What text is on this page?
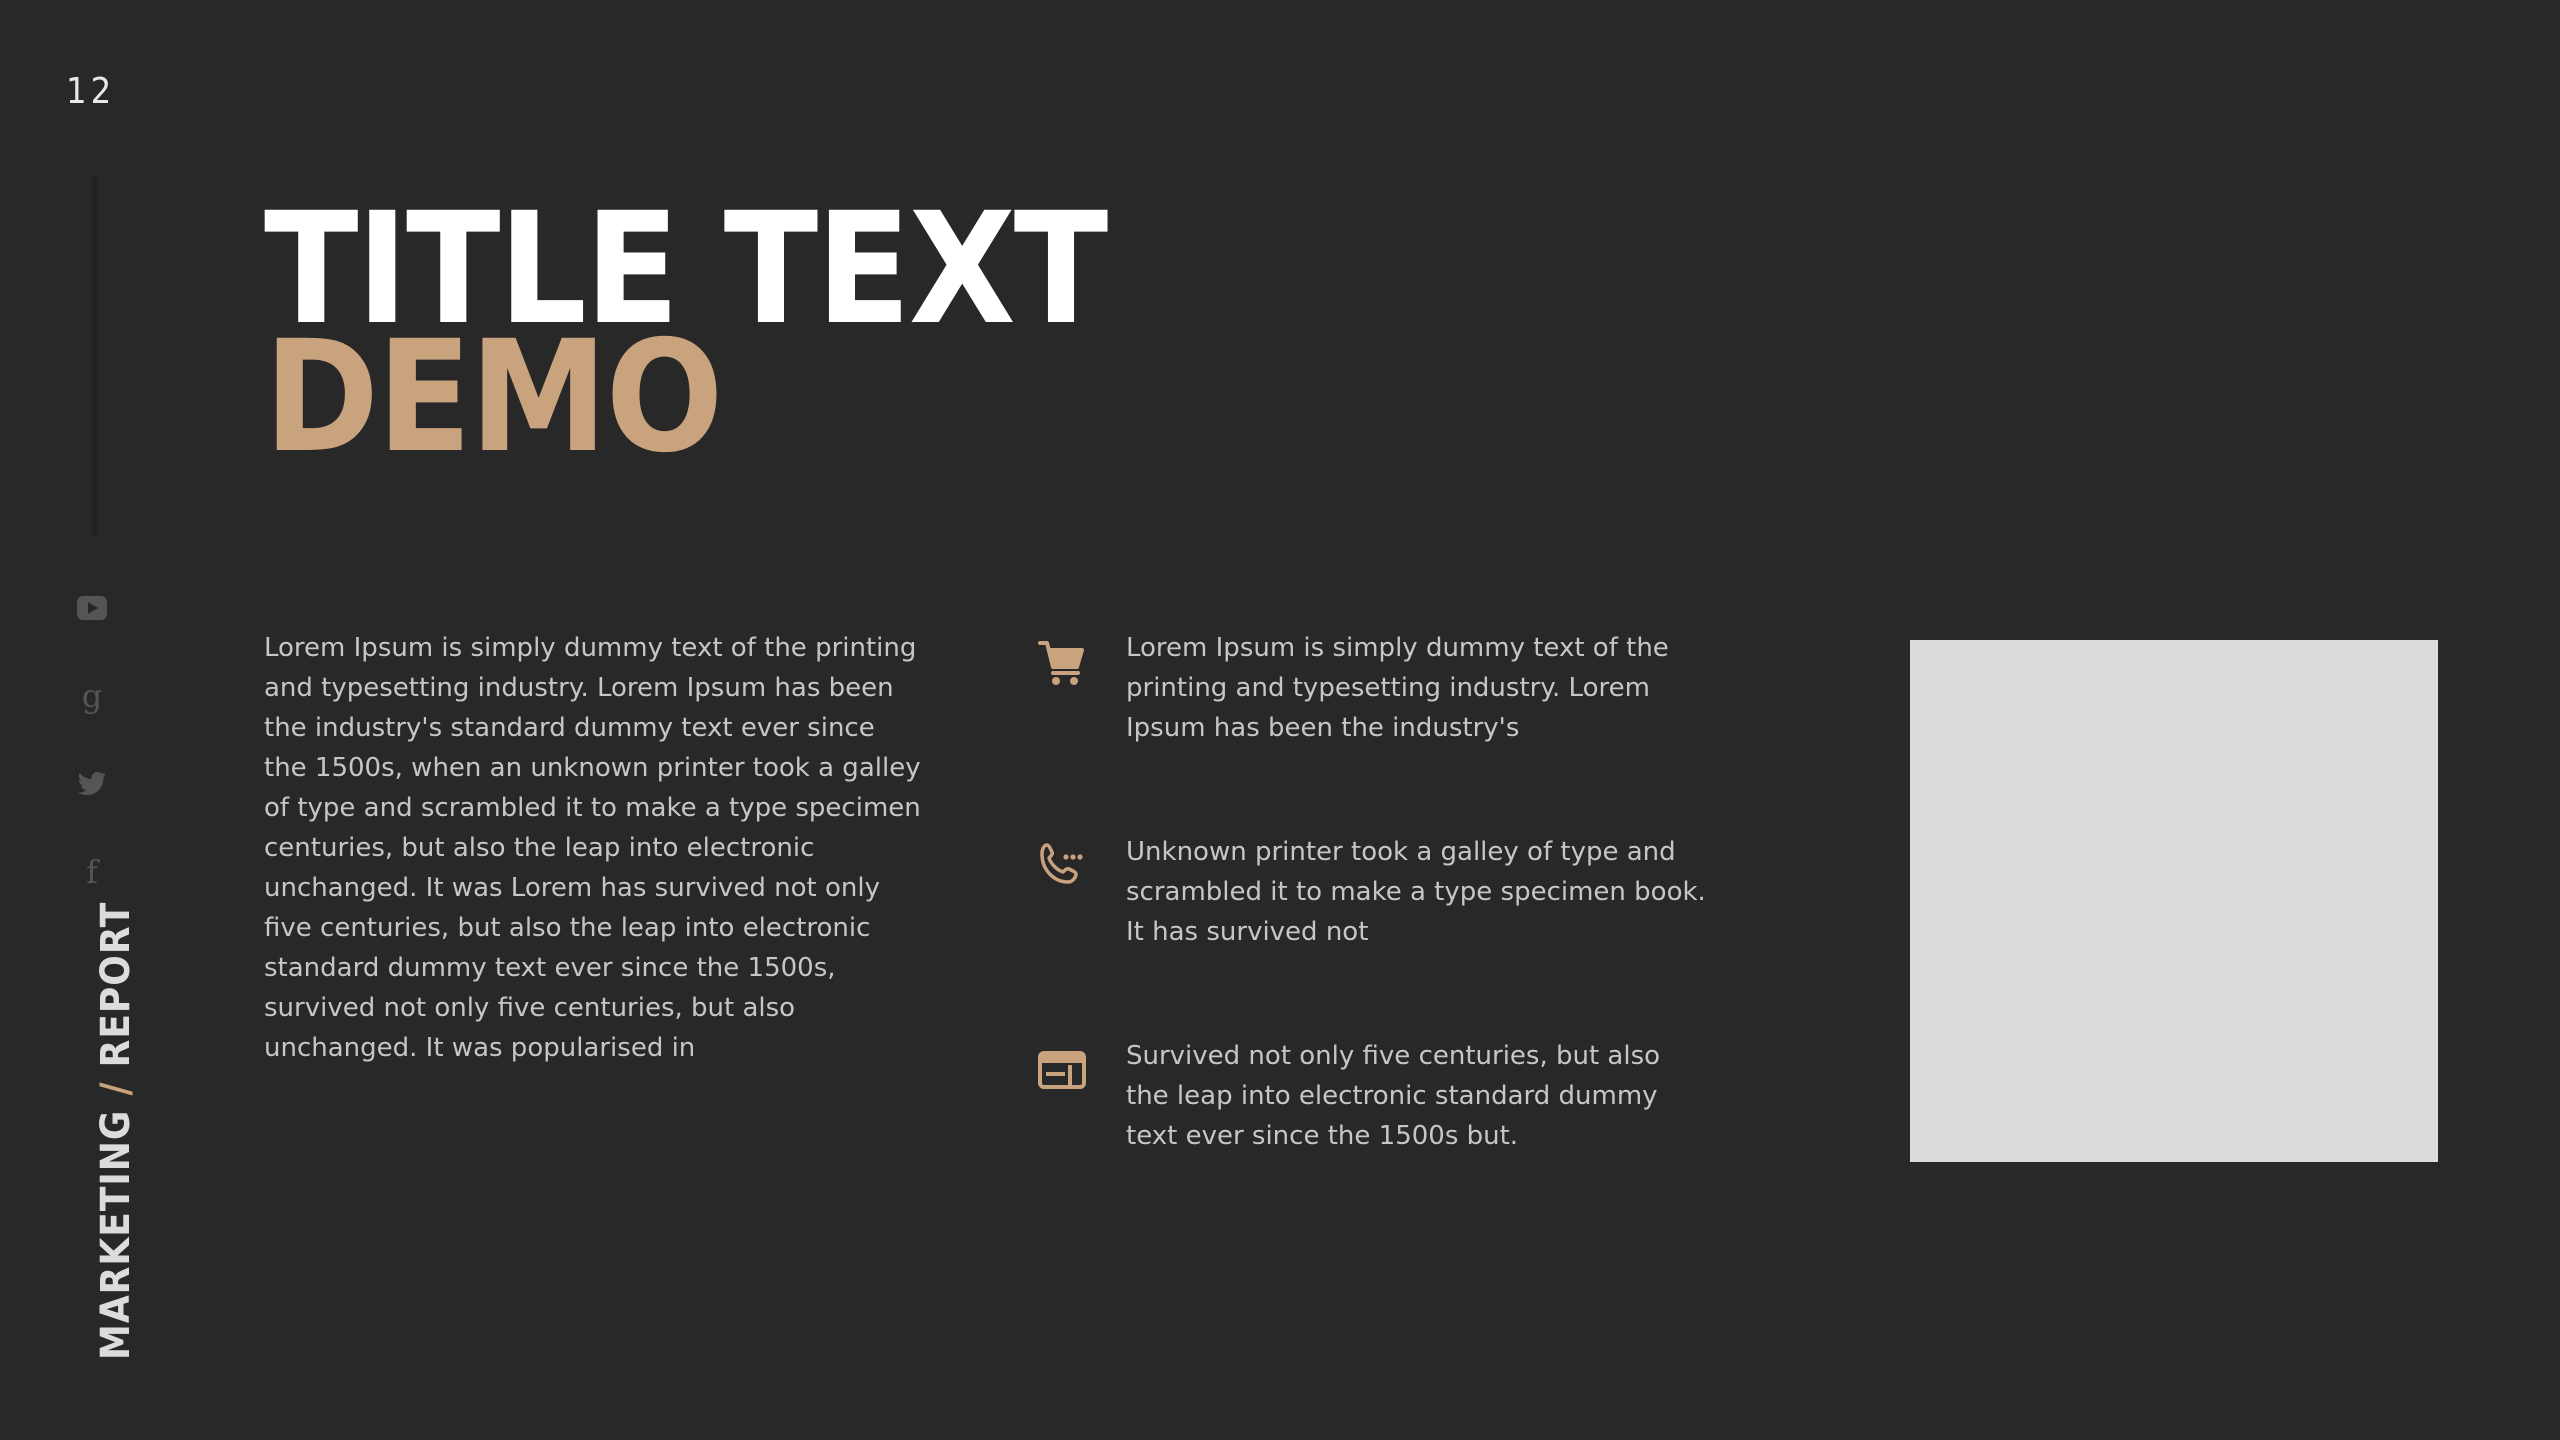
12
g
f
MARKETING/REPORT
TITLE TEXT
DEMO
Lorem Ipsum is simply dummy text of the printing and typesetting industry. Lorem Ipsum has been the industry's standard dummy text ever since the 1500s, when an unknown printer took a galley of type and scrambled it to make a type specimen centuries, but also the leap into electronic unchanged. It was Lorem has survived not only five centuries, but also the leap into electronic standard dummy text ever since the 1500s, survived not only five centuries, but also unchanged. It was popularised in
Lorem Ipsum is simply dummy text of the printing and typesetting industry. Lorem Ipsum has been the industry's
Unknown printer took a galley of type and scrambled it to make a type specimen book. It has survived not
Survived not only five centuries, but also the leap into electronic standard dummy text ever since the 1500s but.
